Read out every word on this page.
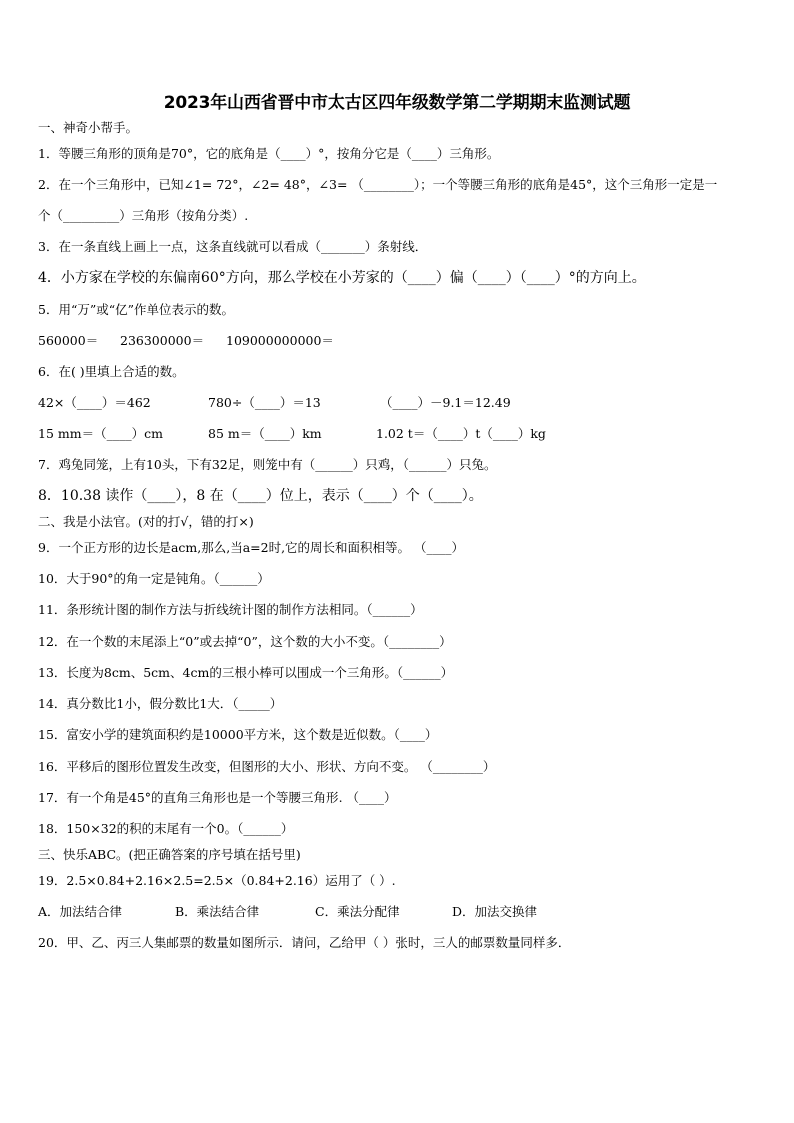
2023年山西省晋中市太古区四年级数学第二学期期末监测试题
一、神奇小帮手。
1．等腰三角形的顶角是70°，它的底角是（____）°，按角分它是（____）三角形。
2．在一个三角形中，已知∠1= 72°，∠2= 48°，∠3= （________）；一个等腰三角形的底角是45°，这个三角形一定是一
个（_________）三角形（按角分类）.
3．在一条直线上画上一点，这条直线就可以看成（_______）条射线．
4．小方家在学校的东偏南60°方向，那么学校在小芳家的（____）偏（____）（____）°的方向上。
5．用“万”或“亿”作单位表示的数。
560000＝ 236300000＝ 109000000000＝
6．在( )里填上合适的数。
42×（____）＝462	780÷（____）＝13	（____）－9.1＝12.49
15 mm＝（____）cm	85 m＝（____）km	1.02 t＝（____）t（____）kg
7．鸡兔同笼，上有10头，下有32足，则笼中有（______）只鸡，（______）只兔。
8．10.38 读作（____），8 在（____）位上，表示（____）个（____）。
二、我是小法官。(对的打√，错的打×)
9．一个正方形的边长是acm,那么,当a=2时,它的周长和面积相等。 （____）
10．大于90°的角一定是钝角。（______）
11．条形统计图的制作方法与折线统计图的制作方法相同。（______）
12．在一个数的末尾添上“0”或去掉“0”，这个数的大小不变。（________）
13．长度为8cm、5cm、4cm的三根小棒可以围成一个三角形。（______）
14．真分数比1小，假分数比1大．（_____）
15．富安小学的建筑面积约是10000平方米，这个数是近似数。（____）
16．平移后的图形位置发生改变，但图形的大小、形状、方向不变。 （________）
17．有一个角是45°的直角三角形也是一个等腰三角形. （____）
18．150×32的积的末尾有一个0。（______）
三、快乐ABC。(把正确答案的序号填在括号里)
19．2.5×0.84+2.16×2.5=2.5×（0.84+2.16）运用了（ ）.
A．加法结合律	B．乘法结合律	C．乘法分配律	D．加法交换律
20．甲、乙、丙三人集邮票的数量如图所示．请问，乙给甲（ ）张时，三人的邮票数量同样多．
